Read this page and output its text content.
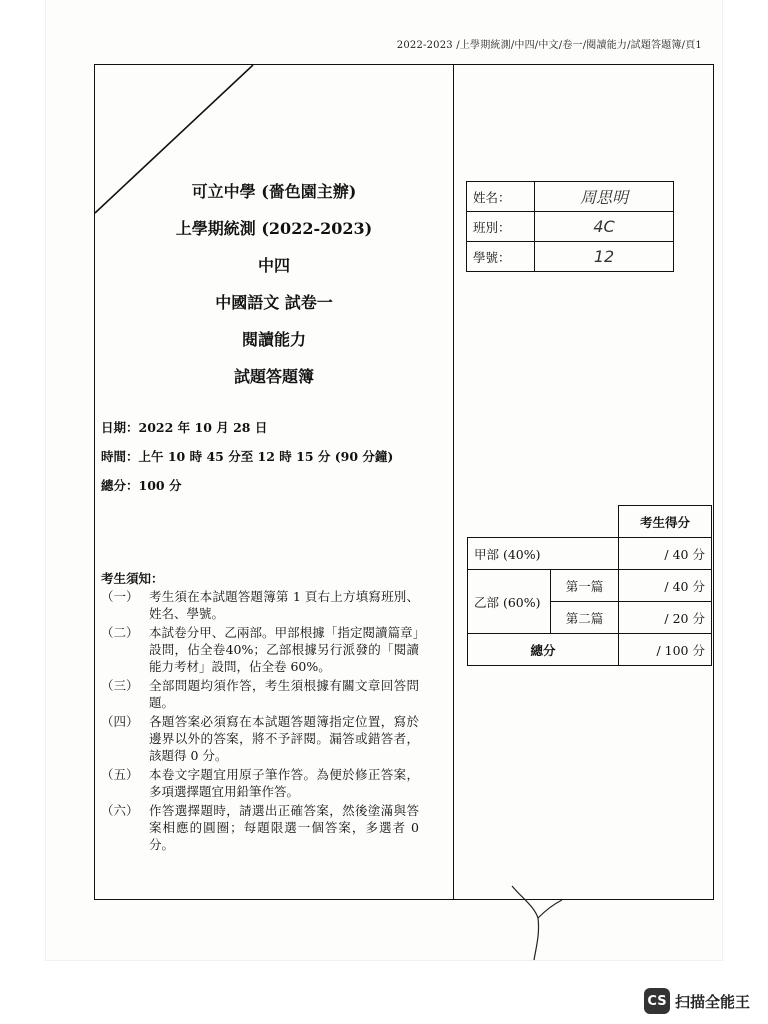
2022-2023 /上學期統測/中四/中文/卷一/閱讀能力/試題答題簿/頁1
可立中學 (嗇色園主辦)
上學期統測 (2022-2023)
中四
中國語文 試卷一
閱讀能力
試題答題簿
日期：2022 年 10 月 28 日
時間：上午 10 時 45 分至 12 時 15 分 (90 分鐘)
總分：100 分
考生須知：
（一） 考生須在本試題答題簿第 1 頁右上方填寫班別、姓名、學號。
（二） 本試卷分甲、乙兩部。甲部根據「指定閱讀篇章」設問，佔全卷40%；乙部根據另行派發的「閱讀能力考材」設問，佔全卷 60%。
（三） 全部問題均須作答，考生須根據有關文章回答問題。
（四） 各題答案必須寫在本試題答題簿指定位置，寫於邊界以外的答案，將不予評閱。漏答或錯答者，該題得 0 分。
（五） 本卷文字題宜用原子筆作答。為便於修正答案，多項選擇題宜用鉛筆作答。
（六） 作答選擇題時，請選出正確答案，然後塗滿與答案相應的圓圈；每題限選一個答案，多選者 0 分。
姓名：	周思明
班別：	4C
學號：	12
		考生得分
甲部 (40%)		/ 40 分
乙部 (60%)	第一篇	/ 40 分
	第二篇	/ 20 分
總分		/ 100 分
CS 扫描全能王
